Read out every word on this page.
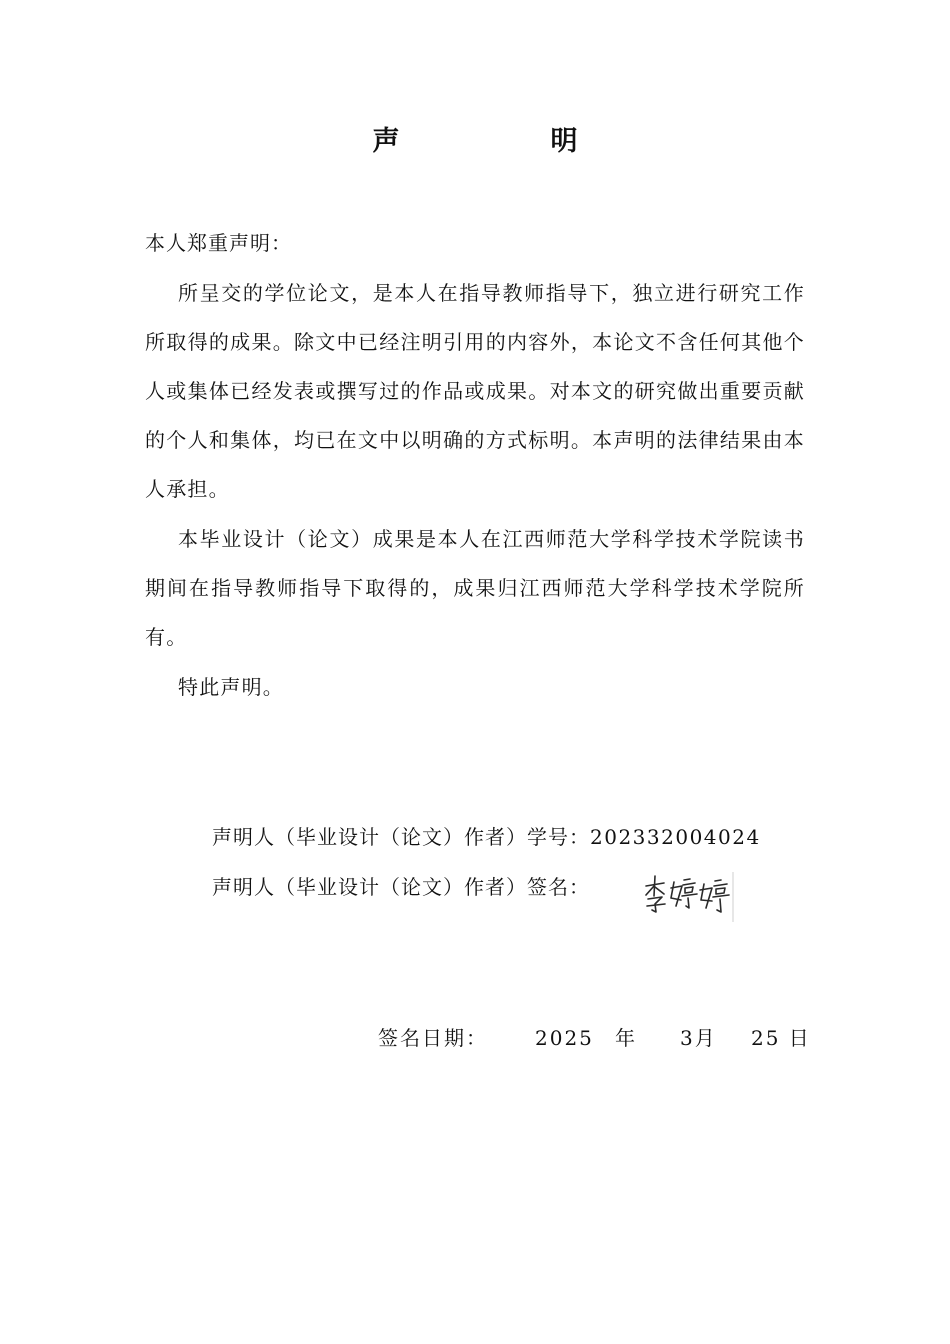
声　明
本人郑重声明：
所呈交的学位论文，是本人在指导教师指导下，独立进行研究工作所取得的成果。除文中已经注明引用的内容外，本论文不含任何其他个人或集体已经发表或撰写过的作品或成果。对本文的研究做出重要贡献的个人和集体，均已在文中以明确的方式标明。本声明的法律结果由本人承担。
本毕业设计（论文）成果是本人在江西师范大学科学技术学院读书期间在指导教师指导下取得的，成果归江西师范大学科学技术学院所有。
特此声明。
声明人（毕业设计（论文）作者）学号：202332004024
声明人（毕业设计（论文）作者）签名：
签名日期： 2025 年 3月 25 日
